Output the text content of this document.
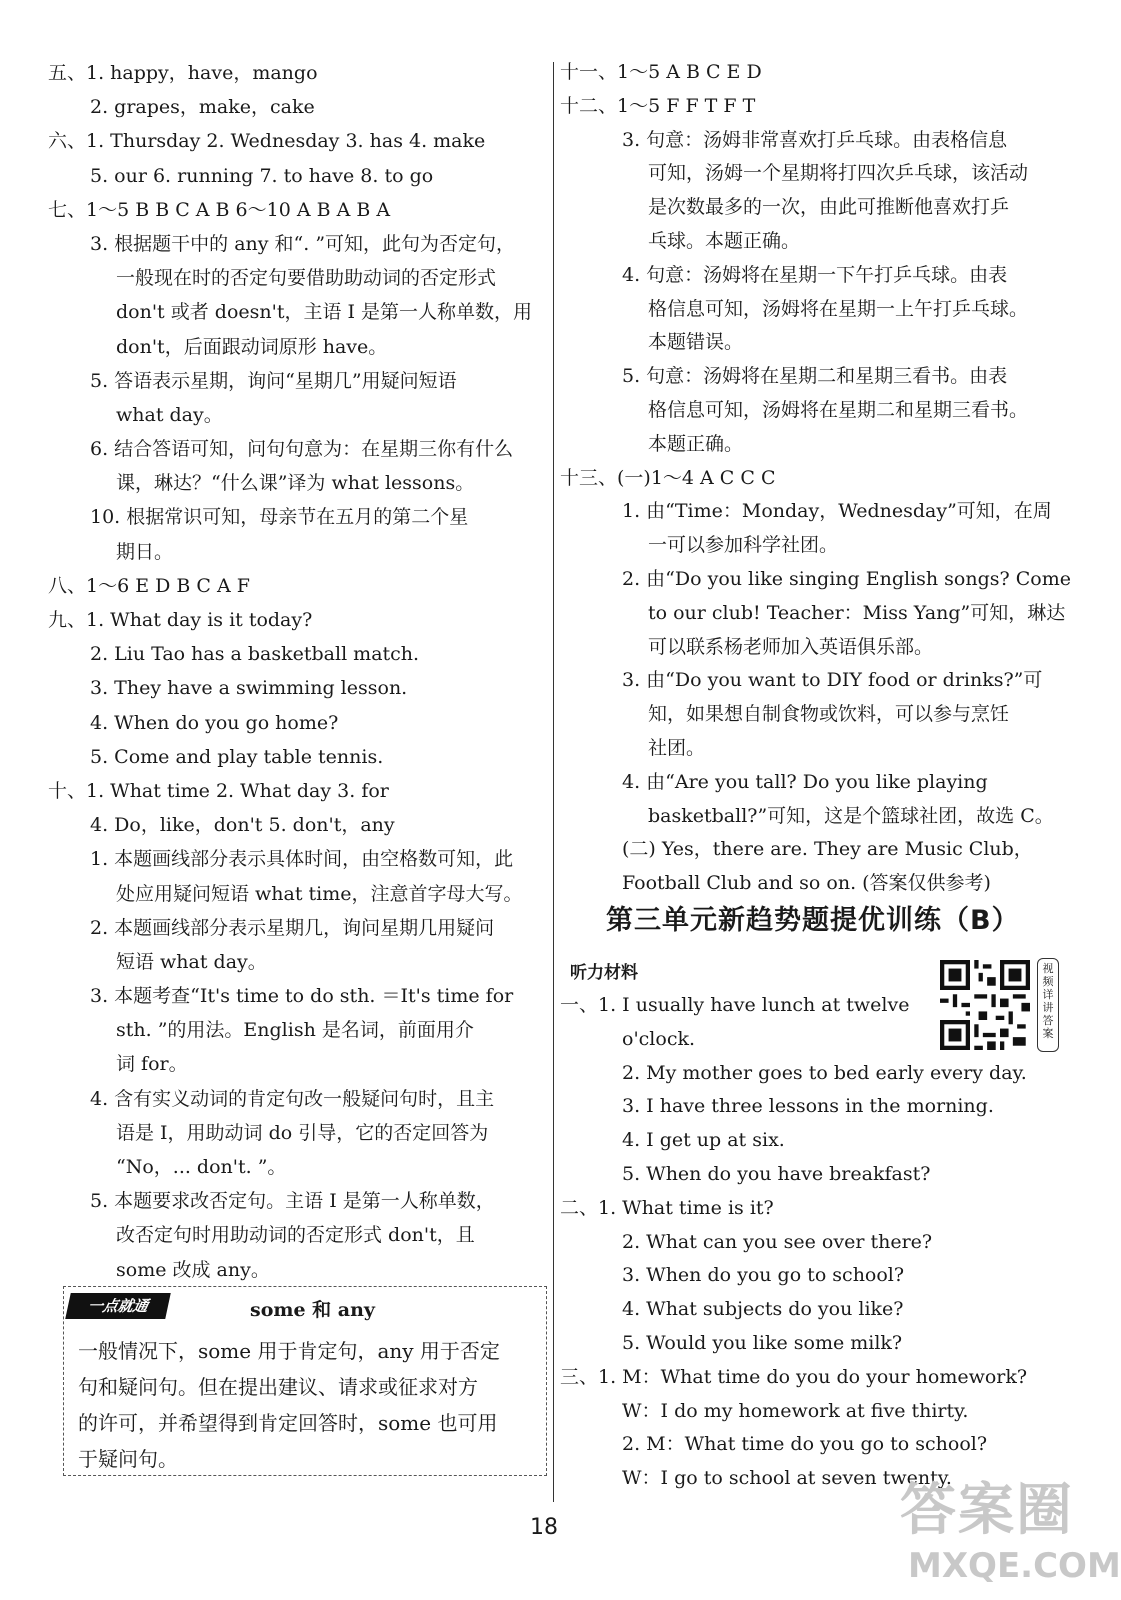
五、1. happy，have，mango
2. grapes，make，cake
六、1. Thursday 2. Wednesday 3. has 4. make
5. our 6. running 7. to have 8. to go
七、1～5 B B C A B 6～10 A B A B A
3. 根据题干中的 any 和“. ”可知，此句为否定句，
一般现在时的否定句要借助助动词的否定形式
don't 或者 doesn't，主语 I 是第一人称单数，用
don't，后面跟动词原形 have。
5. 答语表示星期，询问“星期几”用疑问短语
what day。
6. 结合答语可知，问句句意为：在星期三你有什么
课，琳达？“什么课”译为 what lessons。
10. 根据常识可知，母亲节在五月的第二个星
期日。
八、1～6 E D B C A F
九、1. What day is it today?
2. Liu Tao has a basketball match.
3. They have a swimming lesson.
4. When do you go home?
5. Come and play table tennis.
十、1. What time 2. What day 3. for
4. Do，like，don't 5. don't，any
1. 本题画线部分表示具体时间，由空格数可知，此
处应用疑问短语 what time，注意首字母大写。
2. 本题画线部分表示星期几，询问星期几用疑问
短语 what day。
3. 本题考查“It's time to do sth. ＝It's time for
sth. ”的用法。English 是名词，前面用介
词 for。
4. 含有实义动词的肯定句改一般疑问句时，且主
语是 I，用助动词 do 引导，它的否定回答为
“No，... don't. ”。
5. 本题要求改否定句。主语 I 是第一人称单数，
改否定句时用助动词的否定形式 don't，且
some 改成 any。
一点就通	some 和 any
一般情况下，some 用于肯定句，any 用于否定
句和疑问句。但在提出建议、请求或征求对方
的许可，并希望得到肯定回答时，some 也可用
于疑问句。
十一、1～5 A B C E D
十二、1～5 F F T F T
3. 句意：汤姆非常喜欢打乒乓球。由表格信息
可知，汤姆一个星期将打四次乒乓球，该活动
是次数最多的一次，由此可推断他喜欢打乒
乓球。本题正确。
4. 句意：汤姆将在星期一下午打乒乓球。由表
格信息可知，汤姆将在星期一上午打乒乓球。
本题错误。
5. 句意：汤姆将在星期二和星期三看书。由表
格信息可知，汤姆将在星期二和星期三看书。
本题正确。
十三、(一)1～4 A C C C
1. 由“Time：Monday，Wednesday”可知，在周
一可以参加科学社团。
2. 由“Do you like singing English songs? Come
to our club! Teacher：Miss Yang”可知，琳达
可以联系杨老师加入英语俱乐部。
3. 由“Do you want to DIY food or drinks?”可
知，如果想自制食物或饮料，可以参与烹饪
社团。
4. 由“Are you tall? Do you like playing
basketball?”可知，这是个篮球社团，故选 C。
(二) Yes，there are. They are Music Club，
Football Club and so on. (答案仅供参考)
第三单元新趋势题提优训练（B）
听力材料	视频详讲答案
一、1. I usually have lunch at twelve
o'clock.
2. My mother goes to bed early every day.
3. I have three lessons in the morning.
4. I get up at six.
5. When do you have breakfast?
二、1. What time is it?
2. What can you see over there?
3. When do you go to school?
4. What subjects do you like?
5. Would you like some milk?
三、1. M：What time do you do your homework?
W：I do my homework at five thirty.
2. M：What time do you go to school?
W：I go to school at seven twenty.
18	答案圈
MXQE.COM
